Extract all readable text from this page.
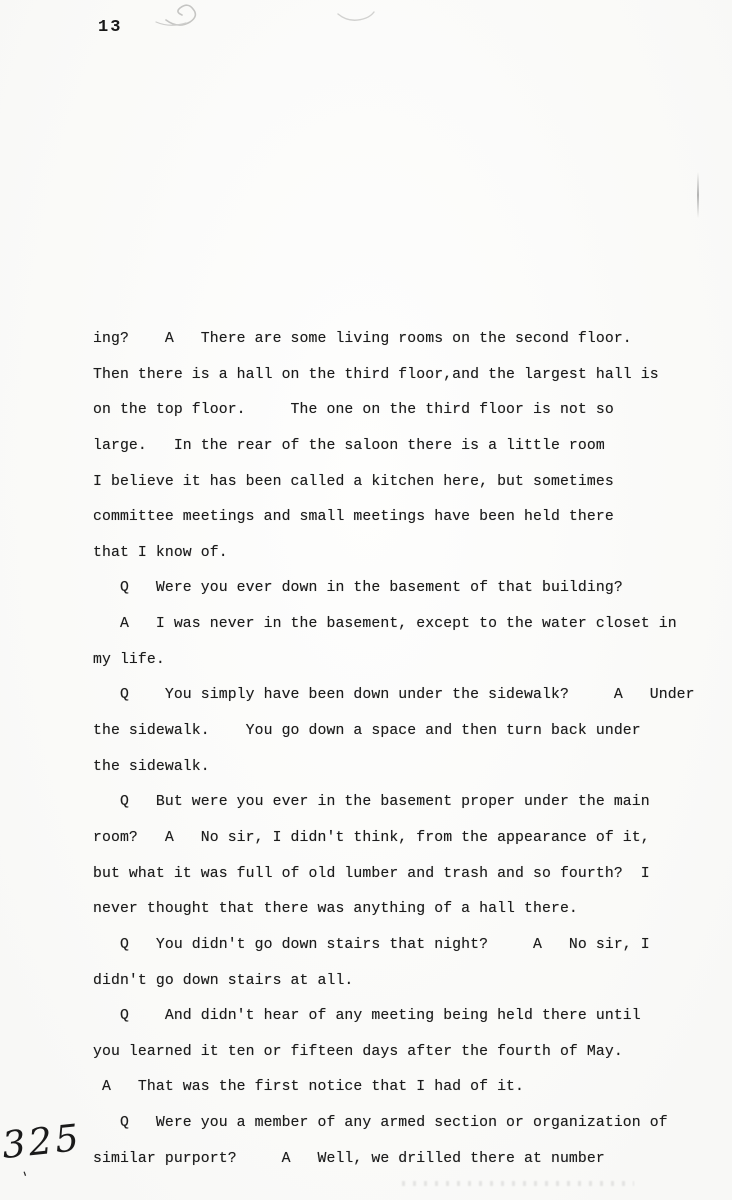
13
ing?    A   There are some living rooms on the second floor.
Then there is a hall on the third floor,and the largest hall is
on the top floor.     The one on the third floor is not so
large.   In the rear of the saloon there is a little room
I believe it has been called a kitchen here, but sometimes
committee meetings and small meetings have been held there
that I know of.
Q   Were you ever down in the basement of that building?
A   I was never in the basement, except to the water closet in
my life.
Q    You simply have been down under the sidewalk?     A   Under
the sidewalk.    You go down a space and then turn back under
the sidewalk.
Q   But were you ever in the basement proper under the main
room?   A   No sir, I didn't think, from the appearance of it,
but what it was full of old lumber and trash and so fourth?  I
never thought that there was anything of a hall there.
Q   You didn't go down stairs that night?     A   No sir, I
didn't go down stairs at all.
Q    And didn't hear of any meeting being held there until
you learned it ten or fifteen days after the fourth of May.
A   That was the first notice that I had of it.
Q   Were you a member of any armed section or organization of
similar purport?     A   Well, we drilled there at number
325
'
